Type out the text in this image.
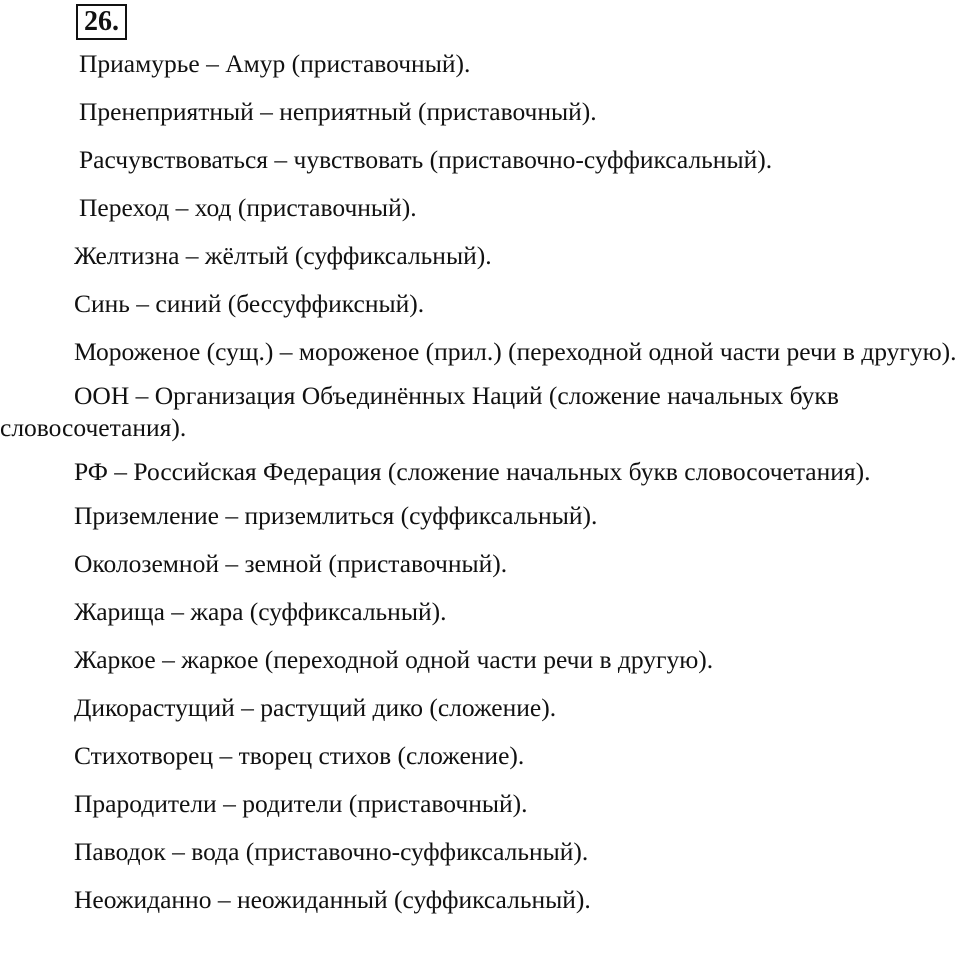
26.

Приамурье – Амур (приставочный).

Пренеприятный – неприятный (приставочный).

Расчувствоваться – чувствовать (приставочно-суффиксальный).

Переход – ход (приставочный).

Желтизна – жёлтый (суффиксальный).

Синь – синий (бессуффиксный).

Мороженое (сущ.) – мороженое (прил.) (переходной одной части речи в другую).

ООН – Организация Объединённых Наций (сложение начальных букв словосочетания).

РФ – Российская Федерация (сложение начальных букв словосочетания).

Приземление – приземлиться (суффиксальный).

Околоземной – земной (приставочный).

Жарища – жара (суффиксальный).

Жаркое – жаркое (переходной одной части речи в другую).

Дикорастущий – растущий дико (сложение).

Стихотворец – творец стихов (сложение).

Прародители – родители (приставочный).

Паводок – вода (приставочно-суффиксальный).

Неожиданно – неожиданный (суффиксальный).
